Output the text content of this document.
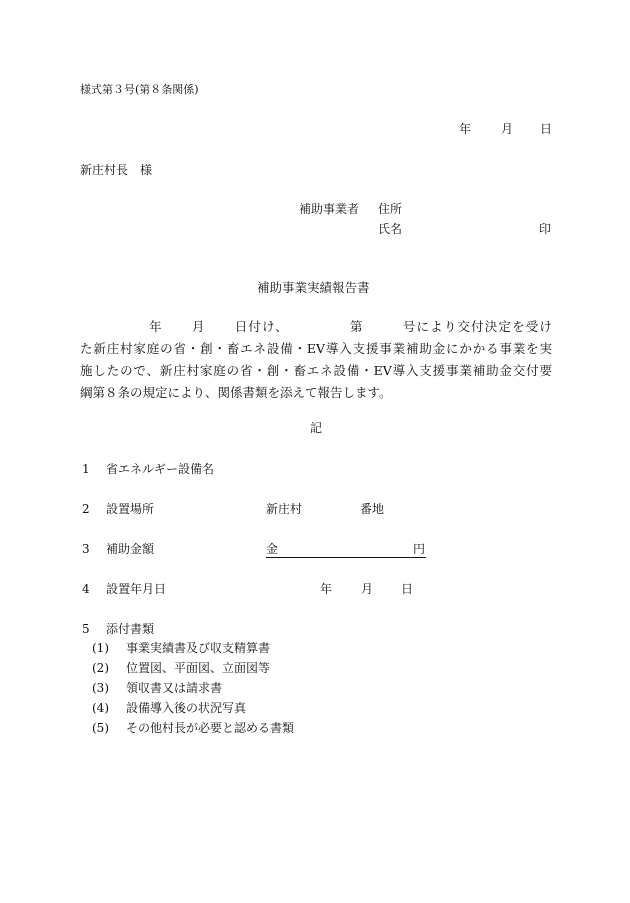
様式第３号(第８条関係)
年 月 日
新庄村長　様
補助事業者 住所
氏名	印
補助事業実績報告書
年 月 日付け、	第	号により交付決定を受け
た新庄村家庭の省・創・畜エネ設備・EV導入支援事業補助金にかかる事業を実
施したので、新庄村家庭の省・創・畜エネ設備・EV導入支援事業補助金交付要
綱第８条の規定により、関係書類を添えて報告します。
記
1 省エネルギー設備名
2 設置場所	新庄村	番地
3 補助金額	金	円
4 設置年月日	年 月 日
5 添付書類
(1) 事業実績書及び収支精算書
(2) 位置図、平面図、立面図等
(3) 領収書又は請求書
(4) 設備導入後の状況写真
(5) その他村長が必要と認める書類
